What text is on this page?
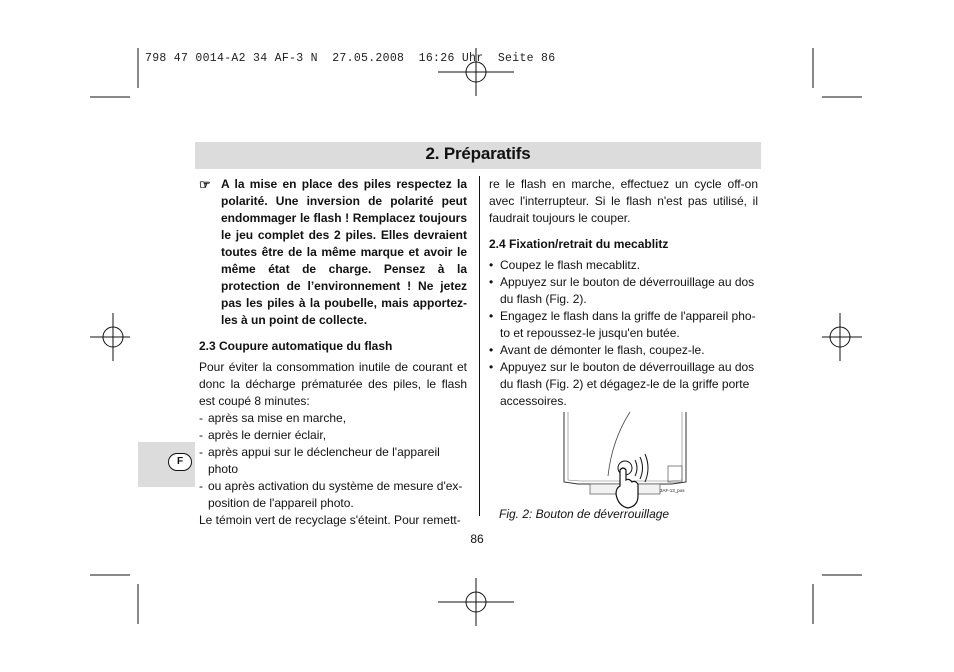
798 47 0014-A2 34 AF-3 N  27.05.2008  16:26 Uhr  Seite 86
2. Préparatifs
F
☞ A la mise en place des piles respectez la polarité. Une inversion de polarité peut endommager le flash ! Remplacez toujours le jeu complet des 2 piles. Elles devraient toutes être de la même marque et avoir le même état de charge. Pensez à la protection de l’environnement ! Ne jetez pas les piles à la poubelle, mais apportez-les à un point de collecte.
2.3 Coupure automatique du flash

Pour éviter la consommation inutile de courant et donc la décharge prématurée des piles, le flash est coupé 8 minutes:

- après sa mise en marche,
- après le dernier éclair,
- après appui sur le déclencheur de l'appareil photo
- ou après activation du système de mesure d'ex-position de l'appareil photo.

Le témoin vert de recyclage s'éteint. Pour remett-

re le flash en marche, effectuez un cycle off-on avec l'interrupteur. Si le flash n'est pas utilisé, il faudrait toujours le couper.

2.4 Fixation/retrait du mecablitz
• Coupez le flash mecablitz.
• Appuyez sur le bouton de déverrouillage au dos du flash (Fig. 2).
• Engagez le flash dans la griffe de l'appareil pho-to et repoussez-le jusqu'en butée.
• Avant de démonter le flash, coupez-le.
• Appuyez sur le bouton de déverrouillage au dos du flash (Fig. 2) et dégagez-le de la griffe porte accessoires.
3AF-13_pos
Fig. 2: Bouton de déverrouillage
86
